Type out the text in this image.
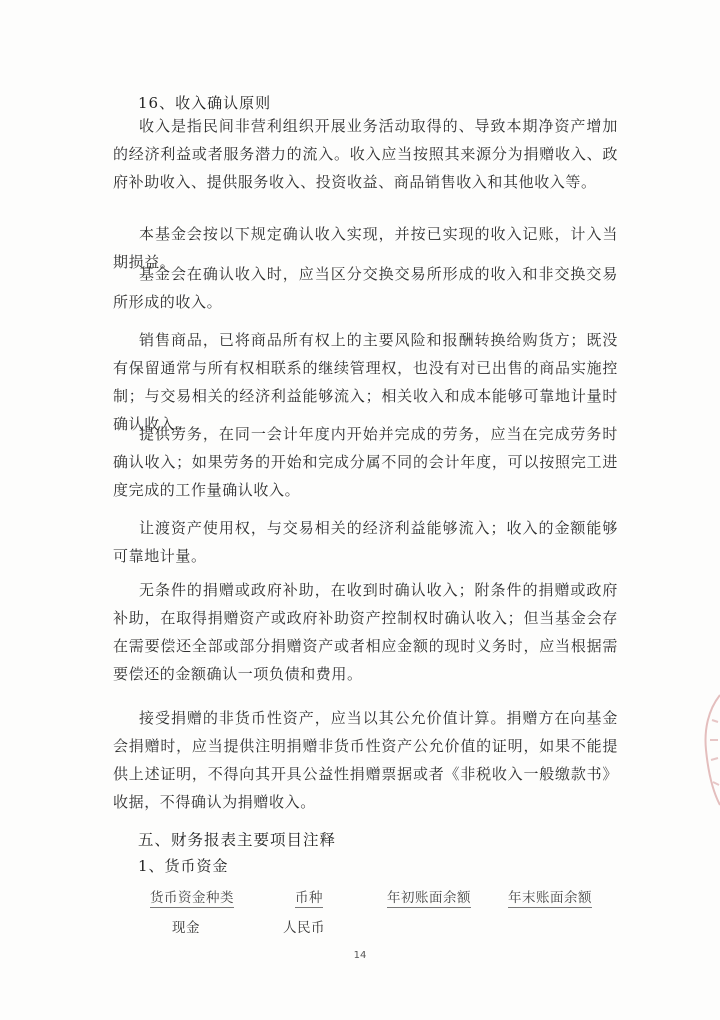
16、收入确认原则

收入是指民间非营利组织开展业务活动取得的、导致本期净资产增加的经济利益或者服务潜力的流入。收入应当按照其来源分为捐赠收入、政府补助收入、提供服务收入、投资收益、商品销售收入和其他收入等。

本基金会按以下规定确认收入实现，并按已实现的收入记账，计入当期损益。

基金会在确认收入时，应当区分交换交易所形成的收入和非交换交易所形成的收入。

销售商品，已将商品所有权上的主要风险和报酬转换给购货方；既没有保留通常与所有权相联系的继续管理权，也没有对已出售的商品实施控制；与交易相关的经济利益能够流入；相关收入和成本能够可靠地计量时确认收入。

提供劳务，在同一会计年度内开始并完成的劳务，应当在完成劳务时确认收入；如果劳务的开始和完成分属不同的会计年度，可以按照完工进度完成的工作量确认收入。

让渡资产使用权，与交易相关的经济利益能够流入；收入的金额能够可靠地计量。

无条件的捐赠或政府补助，在收到时确认收入；附条件的捐赠或政府补助，在取得捐赠资产或政府补助资产控制权时确认收入；但当基金会存在需要偿还全部或部分捐赠资产或者相应金额的现时义务时，应当根据需要偿还的金额确认一项负债和费用。

接受捐赠的非货币性资产，应当以其公允价值计算。捐赠方在向基金会捐赠时，应当提供注明捐赠非货币性资产公允价值的证明，如果不能提供上述证明，不得向其开具公益性捐赠票据或者《非税收入一般缴款书》收据，不得确认为捐赠收入。

五、财务报表主要项目注释
1、货币资金
货币资金种类	币种	年初账面余额	年末账面余额
现金	人民币
14
